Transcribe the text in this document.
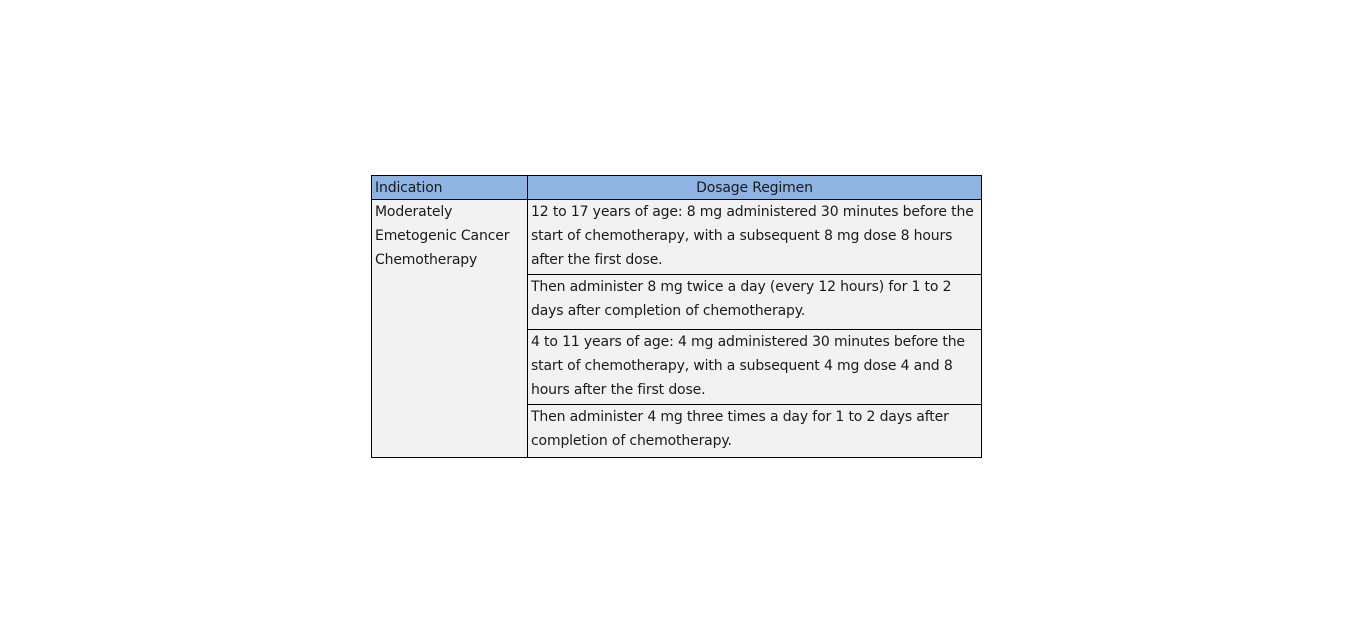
Indication	Dosage Regimen
Moderately Emetogenic Cancer Chemotherapy	12 to 17 years of age: 8 mg administered 30 minutes before the start of chemotherapy, with a subsequent 8 mg dose 8 hours after the first dose.
	Then administer 8 mg twice a day (every 12 hours) for 1 to 2 days after completion of chemotherapy.
	4 to 11 years of age: 4 mg administered 30 minutes before the start of chemotherapy, with a subsequent 4 mg dose 4 and 8 hours after the first dose.
	Then administer 4 mg three times a day for 1 to 2 days after completion of chemotherapy.
